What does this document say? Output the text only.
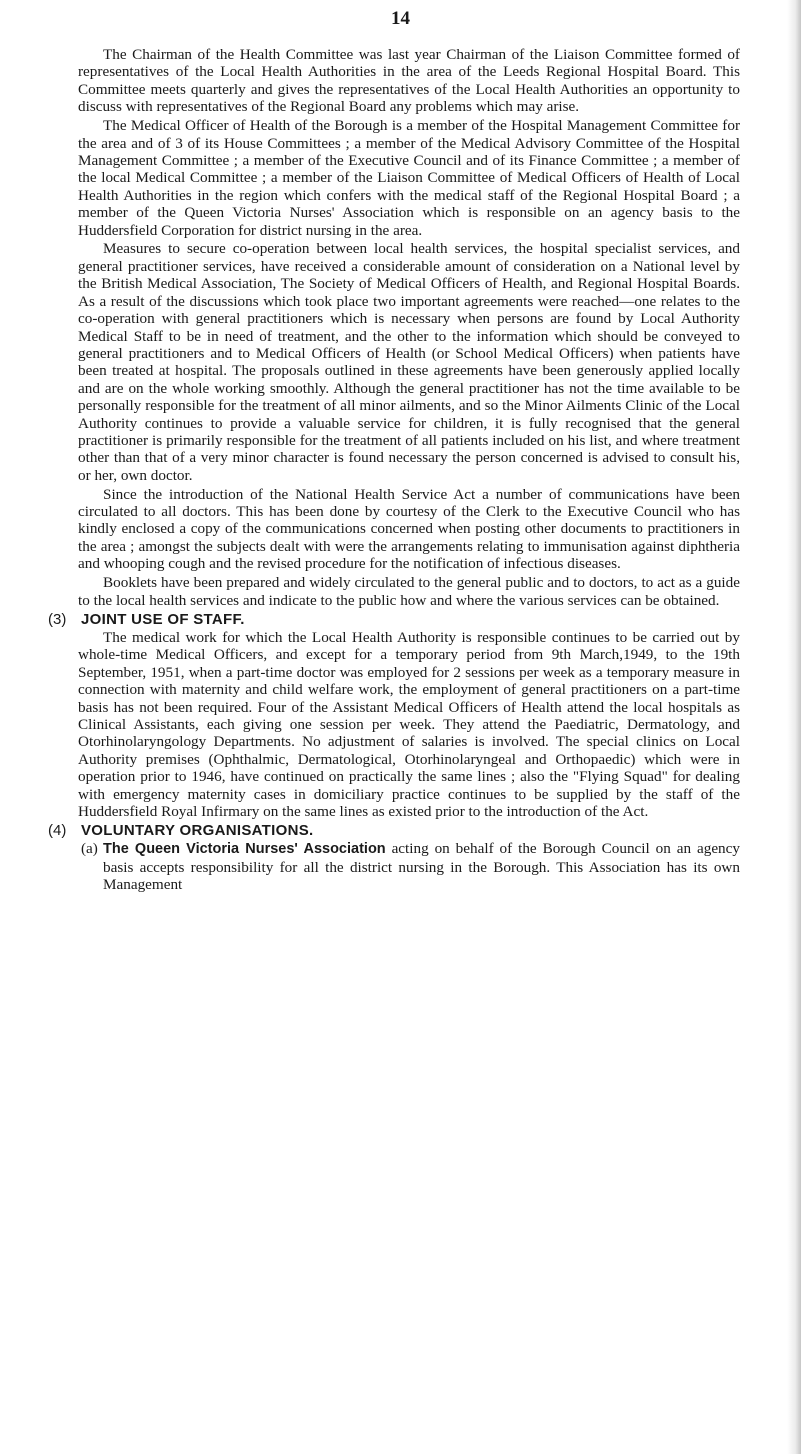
14

The Chairman of the Health Committee was last year Chairman of the Liaison Committee formed of representatives of the Local Health Authorities in the area of the Leeds Regional Hospital Board. This Committee meets quarterly and gives the representatives of the Local Health Authorities an opportunity to discuss with representatives of the Regional Board any problems which may arise.

The Medical Officer of Health of the Borough is a member of the Hospital Management Committee for the area and of 3 of its House Committees ; a member of the Medical Advisory Committee of the Hospital Management Committee ; a member of the Executive Council and of its Finance Committee ; a member of the local Medical Committee ; a member of the Liaison Committee of Medical Officers of Health of Local Health Authorities in the region which confers with the medical staff of the Regional Hospital Board ; a member of the Queen Victoria Nurses' Association which is responsible on an agency basis to the Huddersfield Corporation for district nursing in the area.

Measures to secure co-operation between local health services, the hospital specialist services, and general practitioner services, have received a considerable amount of consideration on a National level by the British Medical Association, The Society of Medical Officers of Health, and Regional Hospital Boards. As a result of the discussions which took place two important agreements were reached—one relates to the co-operation with general practitioners which is necessary when persons are found by Local Authority Medical Staff to be in need of treatment, and the other to the information which should be conveyed to general practitioners and to Medical Officers of Health (or School Medical Officers) when patients have been treated at hospital. The proposals outlined in these agreements have been generously applied locally and are on the whole working smoothly. Although the general practitioner has not the time available to be personally responsible for the treatment of all minor ailments, and so the Minor Ailments Clinic of the Local Authority continues to provide a valuable service for children, it is fully recognised that the general practitioner is primarily responsible for the treatment of all patients included on his list, and where treatment other than that of a very minor character is found necessary the person concerned is advised to consult his, or her, own doctor.

Since the introduction of the National Health Service Act a number of communications have been circulated to all doctors. This has been done by courtesy of the Clerk to the Executive Council who has kindly enclosed a copy of the communications concerned when posting other documents to practitioners in the area ; amongst the subjects dealt with were the arrangements relating to immunisation against diphtheria and whooping cough and the revised procedure for the notification of infectious diseases.

Booklets have been prepared and widely circulated to the general public and to doctors, to act as a guide to the local health services and indicate to the public how and where the various services can be obtained.

(3) JOINT USE OF STAFF.

The medical work for which the Local Health Authority is responsible continues to be carried out by whole-time Medical Officers, and except for a temporary period from 9th March,1949, to the 19th September, 1951, when a part-time doctor was employed for 2 sessions per week as a temporary measure in connection with maternity and child welfare work, the employment of general practitioners on a part-time basis has not been required. Four of the Assistant Medical Officers of Health attend the local hospitals as Clinical Assistants, each giving one session per week. They attend the Paediatric, Dermatology, and Otorhinolaryngology Departments. No adjustment of salaries is involved. The special clinics on Local Authority premises (Ophthalmic, Dermatological, Otorhinolaryngeal and Orthopaedic) which were in operation prior to 1946, have continued on practically the same lines ; also the "Flying Squad" for dealing with emergency maternity cases in domiciliary practice continues to be supplied by the staff of the Huddersfield Royal Infirmary on the same lines as existed prior to the introduction of the Act.

(4) VOLUNTARY ORGANISATIONS.

(a) The Queen Victoria Nurses' Association acting on behalf of the Borough Council on an agency basis accepts responsibility for all the district nursing in the Borough. This Association has its own Management
